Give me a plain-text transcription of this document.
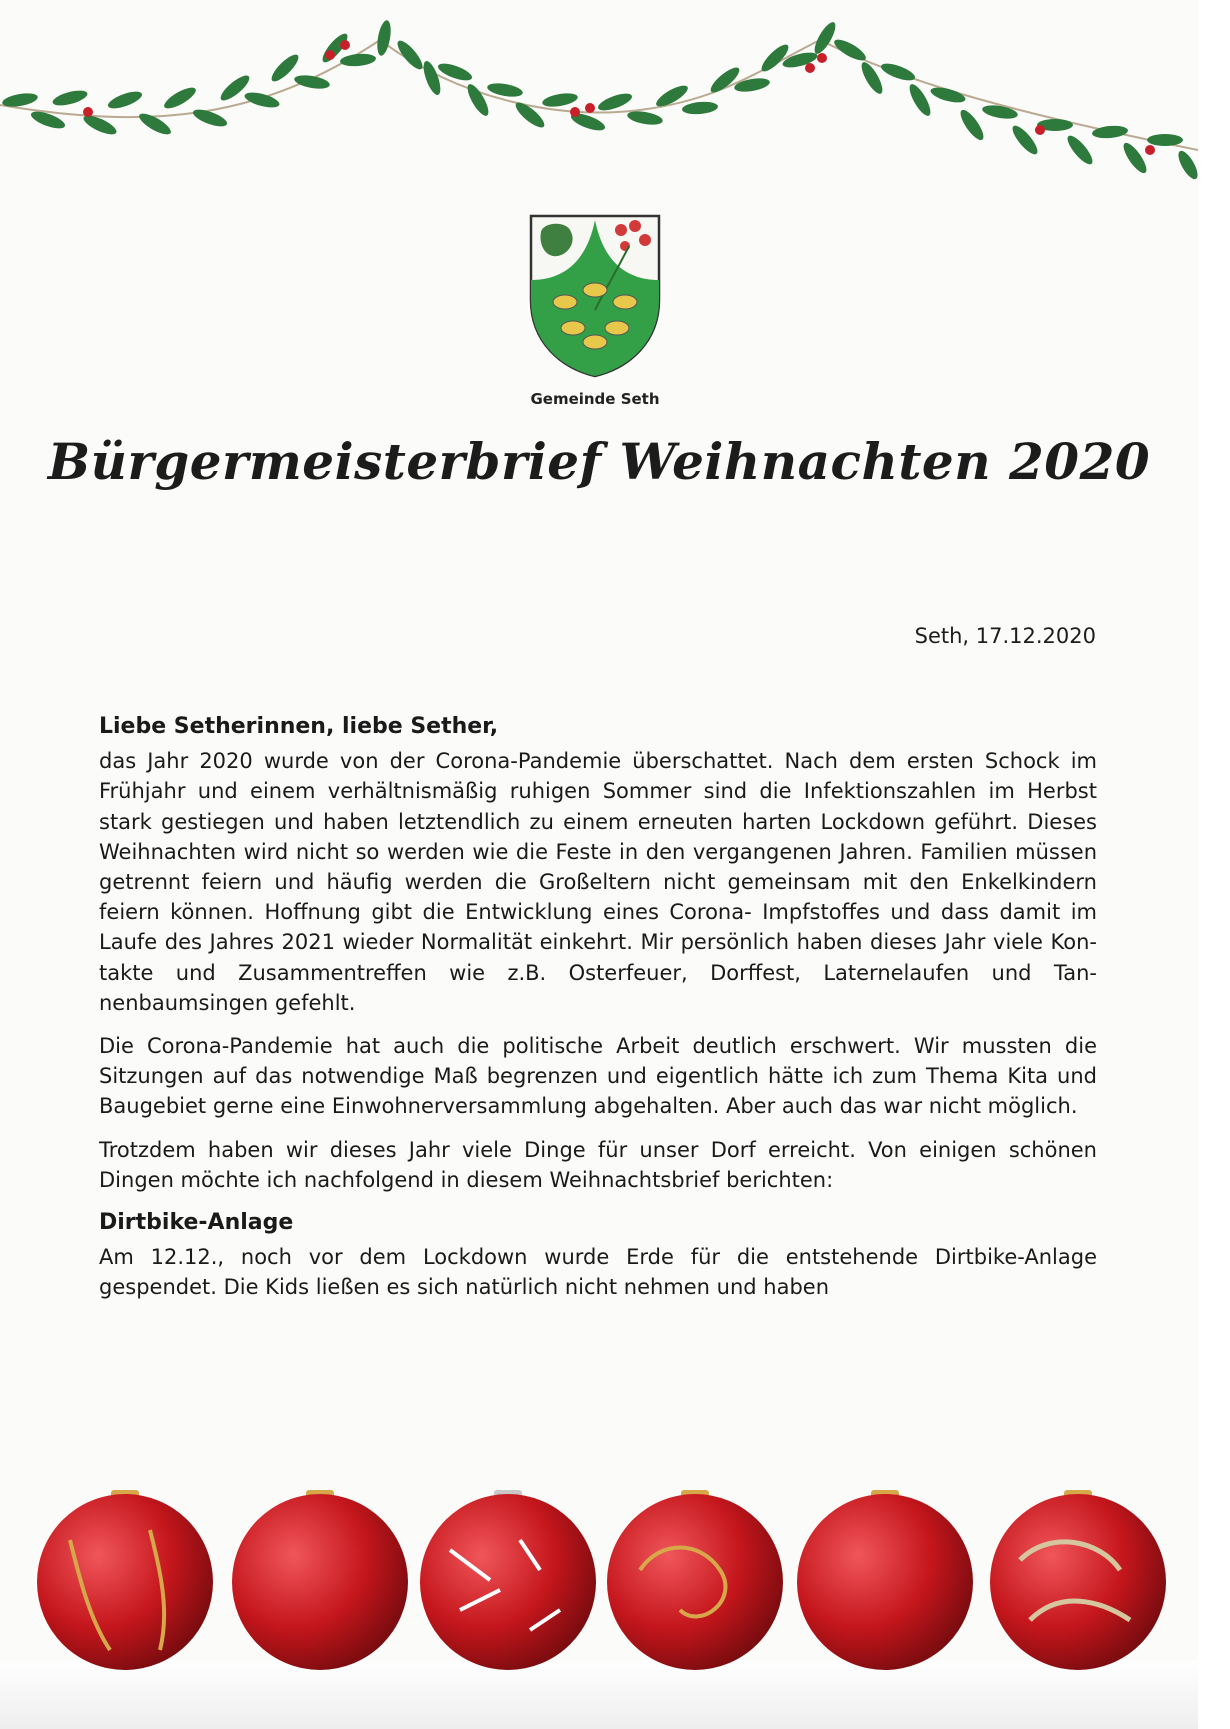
Gemeinde Seth
Bürgermeisterbrief Weihnachten 2020
Seth, 17.12.2020

Liebe Setherinnen, liebe Sether,

das Jahr 2020 wurde von der Corona-Pandemie überschattet. Nach dem ersten Schock im Frühjahr und einem verhältnismäßig ruhigen Sommer sind die Infektionszahlen im Herbst stark gestiegen und haben letztendlich zu einem erneuten harten Lockdown geführt. Dieses Weihnachten wird nicht so werden wie die Feste in den vergangenen Jahren. Familien müssen getrennt feiern und häufig werden die Großeltern nicht gemeinsam mit den Enkelkindern feiern können. Hoffnung gibt die Entwicklung eines Corona- Impfstoffes und dass damit im Laufe des Jahres 2021 wieder Normalität einkehrt. Mir persönlich haben dieses Jahr viele Kontakte und Zusammentreffen wie z.B. Osterfeuer, Dorffest, Laternelaufen und Tannenbaumsingen gefehlt.

Die Corona-Pandemie hat auch die politische Arbeit deutlich erschwert. Wir mussten die Sitzungen auf das notwendige Maß begrenzen und eigentlich hätte ich zum Thema Kita und Baugebiet gerne eine Einwohnerversammlung abgehalten. Aber auch das war nicht möglich.

Trotzdem haben wir dieses Jahr viele Dinge für unser Dorf erreicht. Von einigen schönen Dingen möchte ich nachfolgend in diesem Weihnachtsbrief berichten:

Dirtbike-Anlage

Am 12.12., noch vor dem Lockdown wurde Erde für die entstehende Dirtbike-Anlage gespendet. Die Kids ließen es sich natürlich nicht nehmen und haben
